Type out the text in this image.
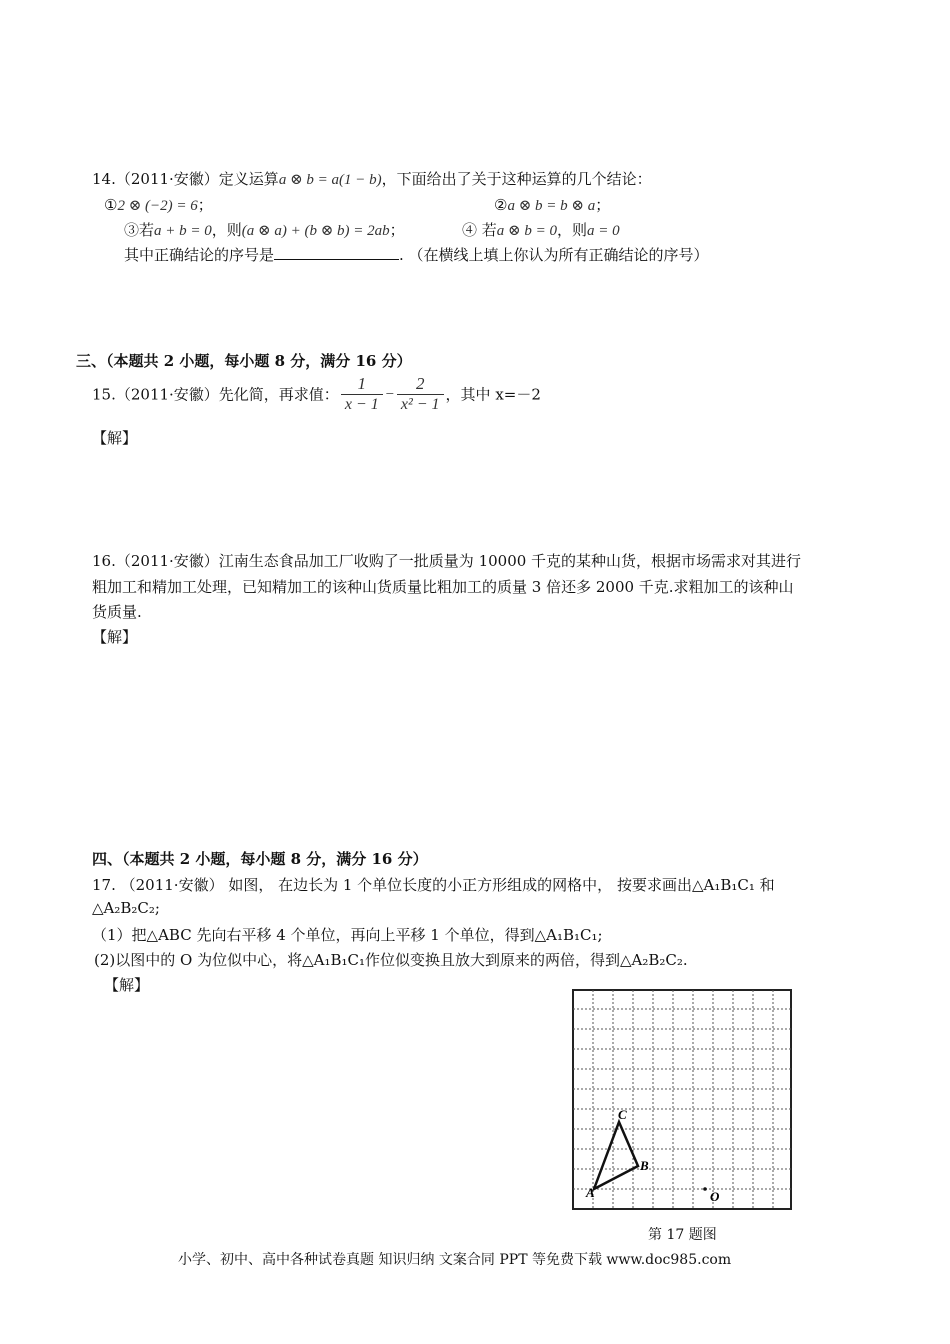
14.（2011·安徽）定义运算a ⊗ b = a(1 − b)，下面给出了关于这种运算的几个结论：
①2 ⊗ (−2) = 6；	②a ⊗ b = b ⊗ a；
③若a + b = 0，则(a ⊗ a) + (b ⊗ b) = 2ab；	④ 若a ⊗ b = 0，则a = 0
其中正确结论的序号是	. （在横线上填上你认为所有正确结论的序号）
三、（本题共 2 小题，每小题 8 分，满分 16 分）
15.（2011·安徽）先化简，再求值： $\frac{1}{x - 1} - \frac{2}{\text{x² − 1}}$ ，其中 x=－2
【解】
16.（2011·安徽）江南生态食品加工厂收购了一批质量为 10000 千克的某种山货，根据市场需求对其进行
粗加工和精加工处理，已知精加工的该种山货质量比粗加工的质量 3 倍还多 2000 千克.求粗加工的该种山
货质量.
【解】
四、（本题共 2 小题，每小题 8 分，满分 16 分）
17. （2011·安徽） 如图， 在边长为 1 个单位长度的小正方形组成的网格中， 按要求画出△A₁B₁C₁ 和
△A₂B₂C₂;
（1）把△ABC 先向右平移 4 个单位，再向上平移 1 个单位，得到△A₁B₁C₁;
(2)以图中的 O 为位似中心，将△A₁B₁C₁作位似变换且放大到原来的两倍，得到△A₂B₂C₂.
【解】
A
B
C
O
第 17 题图
小学、初中、高中各种试卷真题 知识归纳 文案合同 PPT 等免费下载 www.doc985.com
